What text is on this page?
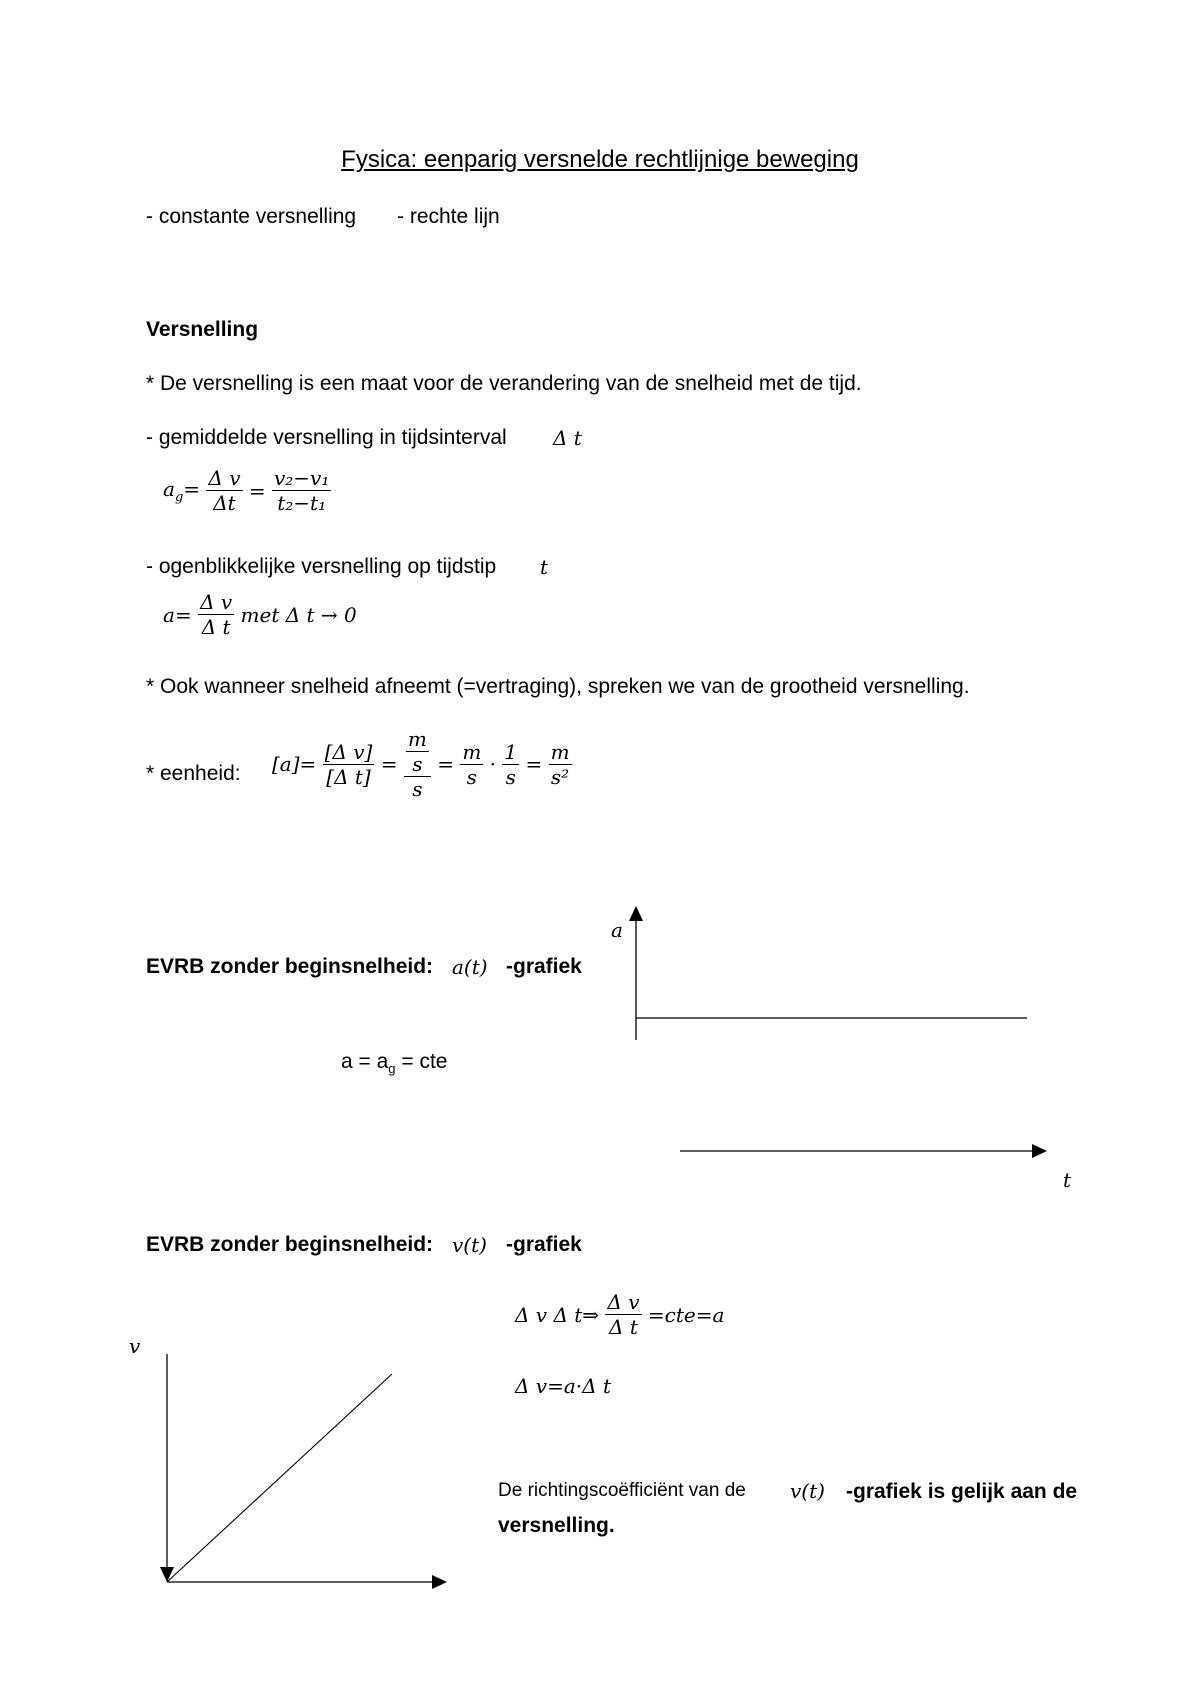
Fysica: eenparig versnelde rechtlijnige beweging
- constante versnelling - rechte lijn
Versnelling
* De versnelling is een maat voor de verandering van de snelheid met de tijd.
- gemiddelde versnelling in tijdsinterval Δ t
$a_g= \frac{\text{Δ v}}{\Delta t} = \frac{\text{v₂−v₁}}{\text{t₂−t₁}}$
- ogenblikkelijke versnelling op tijdstip t
$a= \frac{\text{Δ v}}{\text{Δ t}}$ met Δ t → 0
* Ook wanneer snelheid afneemt (=vertraging), spreken we van de grootheid versnelling.
* eenheid: $[a]= \frac{\text{[Δ v]}}{\text{[Δ t]}} = \frac{\frac{m}{s}}{s} = \frac{m}{s} \cdot \frac{1}{s} = \frac{m}{\text{s²}}$
EVRB zonder beginsnelheid: a(t) -grafiek
$a = a_g$ = cte
a
t
EVRB zonder beginsnelheid: v(t) -grafiek
Δ v Δ t⇒ $\frac{\text{Δ v}}{\text{Δ t}} =cte=a$
Δ v=a·Δ t
De richtingscoëfficiënt van de v(t) -grafiek is gelijk aan de
versnelling.
v
